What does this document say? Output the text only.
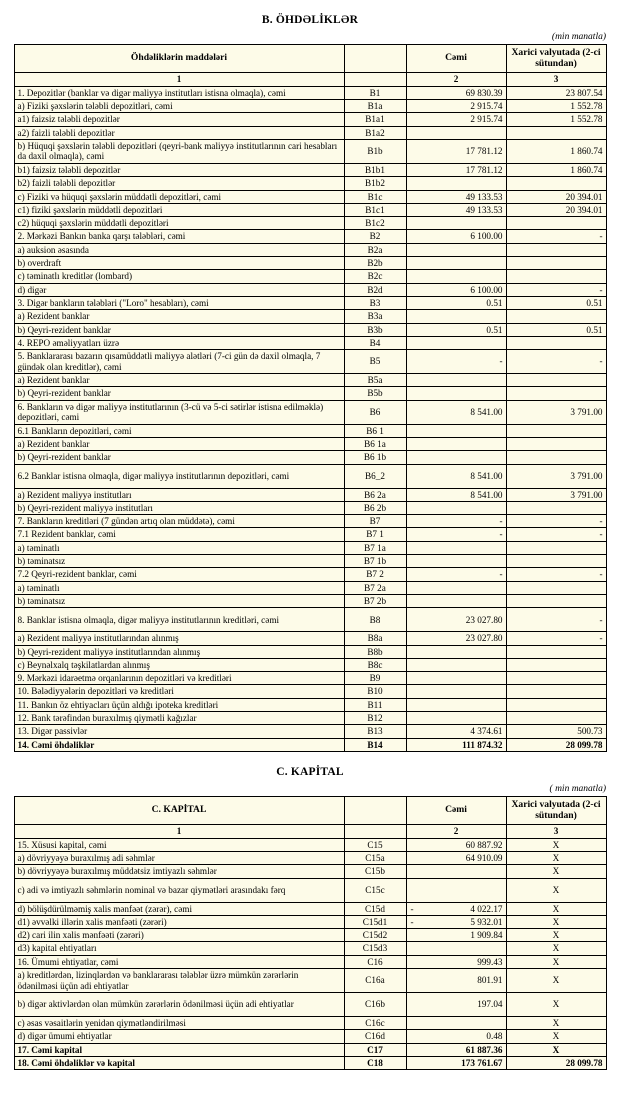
B. ÖHDƏLİKLƏR
(min manatla)
Öhdəliklərin maddələri		Cəmi	Xarici valyutada (2-ci sütundan)
1		2	3
1. Depozitlər (banklar və digər maliyyə institutları istisna olmaqla), cəmi	B1	69 830.39	23 807.54
a) Fiziki şəxslərin tələbli depozitləri, cəmi	B1a	2 915.74	1 552.78
a1) faizsiz tələbli depozitlər	B1a1	2 915.74	1 552.78
a2) faizli tələbli depozitlər	B1a2		
b) Hüquqi şəxslərin tələbli depozitləri (qeyri-bank maliyyə institutlarının cari hesabları da daxil olmaqla), cəmi	B1b	17 781.12	1 860.74
b1) faizsiz tələbli depozitlər	B1b1	17 781.12	1 860.74
b2) faizli tələbli depozitlər	B1b2		
c) Fiziki və hüquqi şəxslərin müddətli depozitləri, cəmi	B1c	49 133.53	20 394.01
c1) fiziki şəxslərin müddətli depozitləri	B1c1	49 133.53	20 394.01
c2) hüquqi şəxslərin müddətli depozitləri	B1c2		
2. Mərkəzi Bankın banka qarşı tələbləri, cəmi	B2	6 100.00	-
a) auksion əsasında	B2a		
b) overdraft	B2b		
c) təminatlı kreditlər (lombard)	B2c		
d) digər	B2d	6 100.00	-
3. Digər bankların tələbləri ("Loro" hesabları), cəmi	B3	0.51	0.51
a) Rezident banklar	B3a		
b) Qeyri-rezident banklar	B3b	0.51	0.51
4. REPO əməliyyatları üzrə	B4		
5. Banklararası bazarın qısamüddətli maliyyə alətləri (7-ci gün də daxil olmaqla, 7 gündək olan kreditlər), cəmi	B5	-	-
a) Rezident banklar	B5a		
b) Qeyri-rezident banklar	B5b		
6. Bankların və digər maliyyə institutlarının (3-cü və 5-ci sətirlər istisna edilməklə) depozitləri, cəmi	B6	8 541.00	3 791.00
6.1 Bankların depozitləri, cəmi	B6 1		
a) Rezident banklar	B6 1a		
b) Qeyri-rezident banklar	B6 1b		
6.2 Banklar istisna olmaqla, digər maliyyə institutlarının depozitləri, cəmi	B6_2	8 541.00	3 791.00
a) Rezident maliyyə institutları	B6 2a	8 541.00	3 791.00
b) Qeyri-rezident maliyyə institutları	B6 2b		
7. Bankların kreditləri (7 gündən artıq olan müddətə), cəmi	B7	-	-
7.1 Rezident banklar, cəmi	B7 1	-	-
a) təminatlı	B7 1a		
b) təminatsız	B7 1b		
7.2 Qeyri-rezident banklar, cəmi	B7 2	-	-
a) təminatlı	B7 2a		
b) təminatsız	B7 2b		
8. Banklar istisna olmaqla, digər maliyyə institutlarının kreditləri, cəmi	B8	23 027.80	-
a) Rezident maliyyə institutlarından alınmış	B8a	23 027.80	-
b) Qeyri-rezident maliyyə institutlarından alınmış	B8b		
c) Beynəlxalq təşkilatlardan alınmış	B8c		
9. Mərkəzi idarəetmə orqanlarının depozitləri və kreditləri	B9		
10. Bələdiyyələrin depozitləri və kreditləri	B10		
11. Bankın öz ehtiyacları üçün aldığı ipoteka kreditləri	B11		
12. Bank tərəfindən buraxılmış qiymətli kağızlar	B12		
13. Digər passivlər	B13	4 374.61	500.73
14. Cəmi öhdəliklər	B14	111 874.32	28 099.78
C. KAPİTAL
( min manatla)
C. KAPİTAL		Cəmi	Xarici valyutada (2-ci sütundan)
1		2	3
15. Xüsusi kapital, cəmi	C15	60 887.92	X
a) dövriyyəyə buraxılmış adi səhmlər	C15a	64 910.09	X
b) dövriyyəyə buraxılmış müddətsiz imtiyazlı səhmlər	C15b		X
c) adi və imtiyazlı səhmlərin nominal və bazar qiymətləri arasındakı fərq	C15c		X
d) bölüşdürülməmiş xalis mənfəət (zərər), cəmi	C15d	- 4 022.17	X
d1) əvvəlki illərin xalis mənfəəti (zərəri)	C15d1	- 5 932.01	X
d2) cari ilin xalis mənfəəti (zərəri)	C15d2	1 909.84	X
d3) kapital ehtiyatları	C15d3		X
16. Ümumi ehtiyatlar, cəmi	C16	999.43	X
a) kreditlərdən, lizinqlərdən və banklararası tələblər üzrə mümkün zərərlərin ödənilməsi üçün adi ehtiyatlar	C16a	801.91	X
b) digər aktivlərdən olan mümkün zərərlərin ödənilməsi üçün adi ehtiyatlar	C16b	197.04	X
c) əsas vəsaitlərin yenidən qiymətləndirilməsi	C16c		X
d) digər ümumi ehtiyatlar	C16d	0.48	X
17. Cəmi kapital	C17	61 887.36	X
18. Cəmi öhdəliklər və kapital	C18	173 761.67	28 099.78
